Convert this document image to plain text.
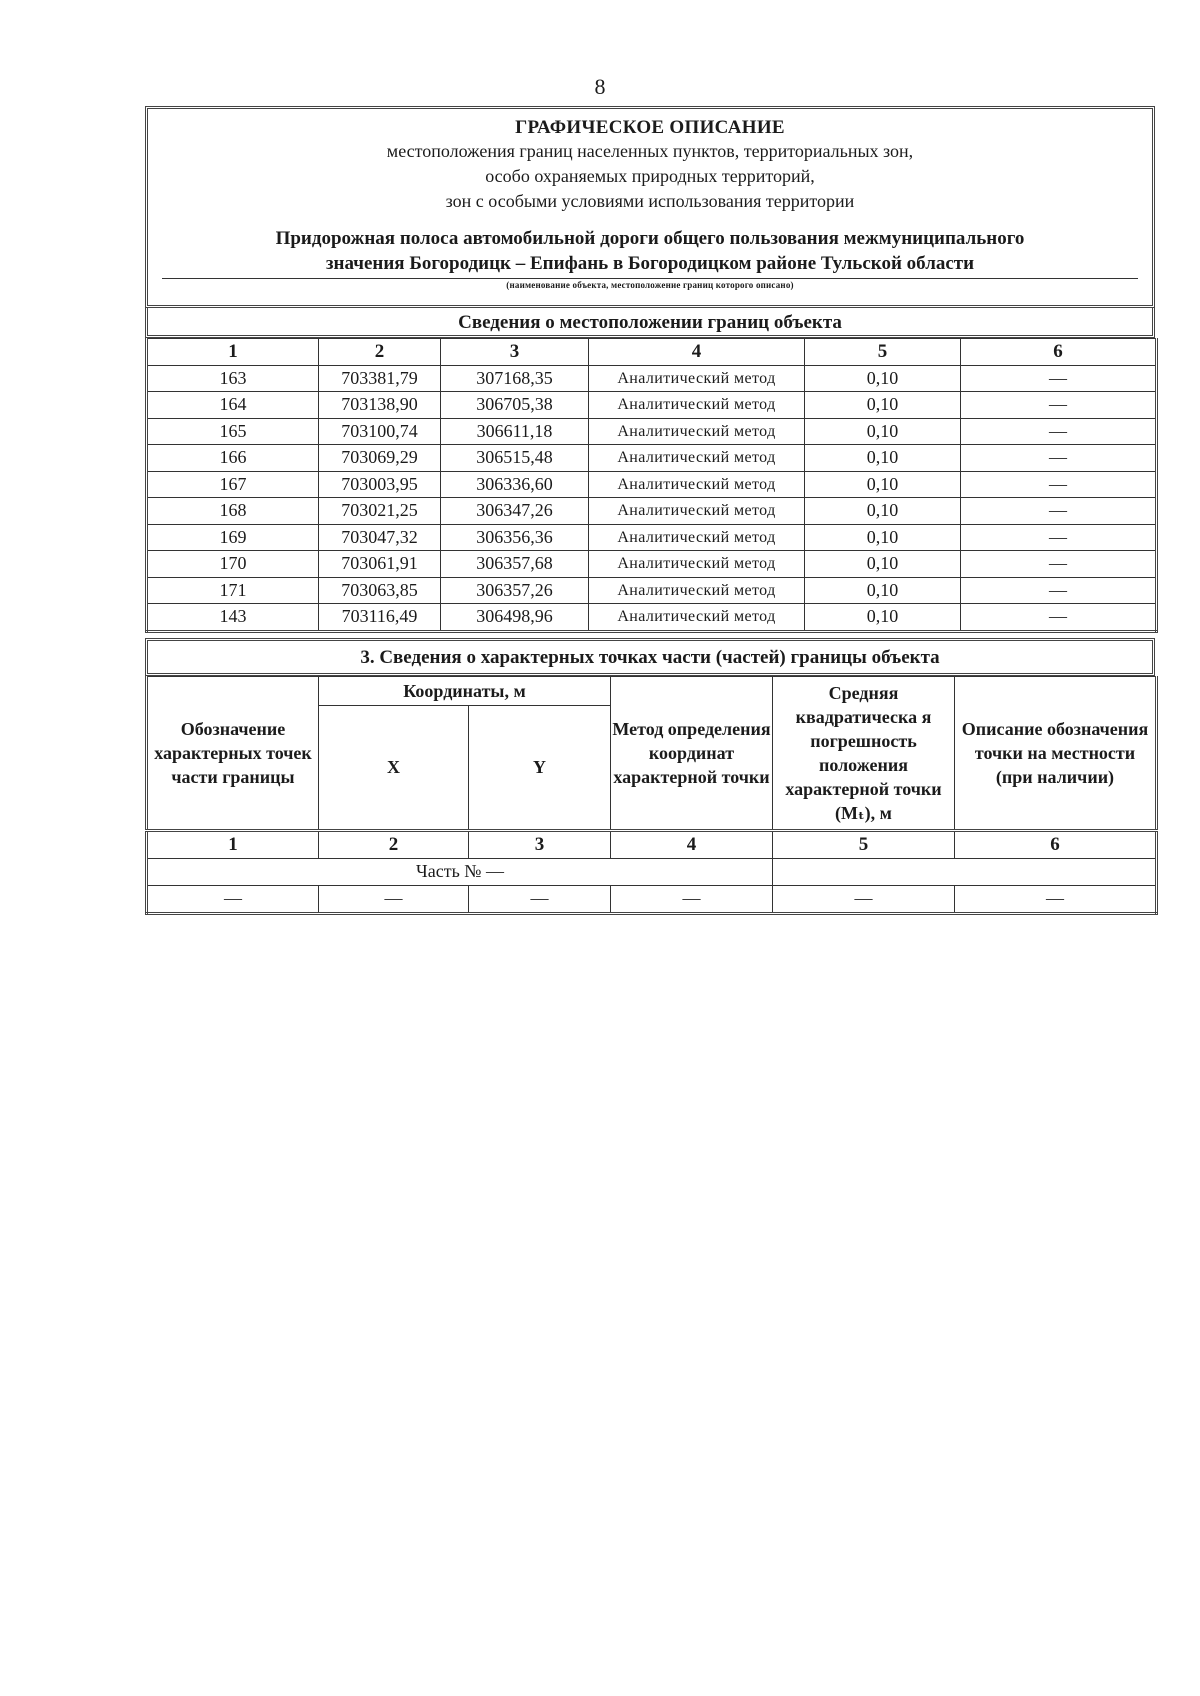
8
ГРАФИЧЕСКОЕ ОПИСАНИЕ
местоположения границ населенных пунктов, территориальных зон,
особо охраняемых природных территорий,
зон с особыми условиями использования территории
Придорожная полоса автомобильной дороги общего пользования межмуниципального
значения Богородицк – Епифань в Богородицком районе Тульской области
(наименование объекта, местоположение границ которого описано)
Сведения о местоположении границ объекта
1	2	3	4	5	6
163	703381,79	307168,35	Аналитический метод	0,10	—
164	703138,90	306705,38	Аналитический метод	0,10	—
165	703100,74	306611,18	Аналитический метод	0,10	—
166	703069,29	306515,48	Аналитический метод	0,10	—
167	703003,95	306336,60	Аналитический метод	0,10	—
168	703021,25	306347,26	Аналитический метод	0,10	—
169	703047,32	306356,36	Аналитический метод	0,10	—
170	703061,91	306357,68	Аналитический метод	0,10	—
171	703063,85	306357,26	Аналитический метод	0,10	—
143	703116,49	306498,96	Аналитический метод	0,10	—
3. Сведения о характерных точках части (частей) границы объекта
Обозначение характерных точек части границы	Координаты, м		Метод определения координат характерной точки	Средняя квадратическа я погрешность положения характерной точки (Mₜ), м	Описание обозначения точки на местности (при наличии)
	X	Y			
1	2	3	4	5	6
Часть № —					
—	—	—	—	—	—
